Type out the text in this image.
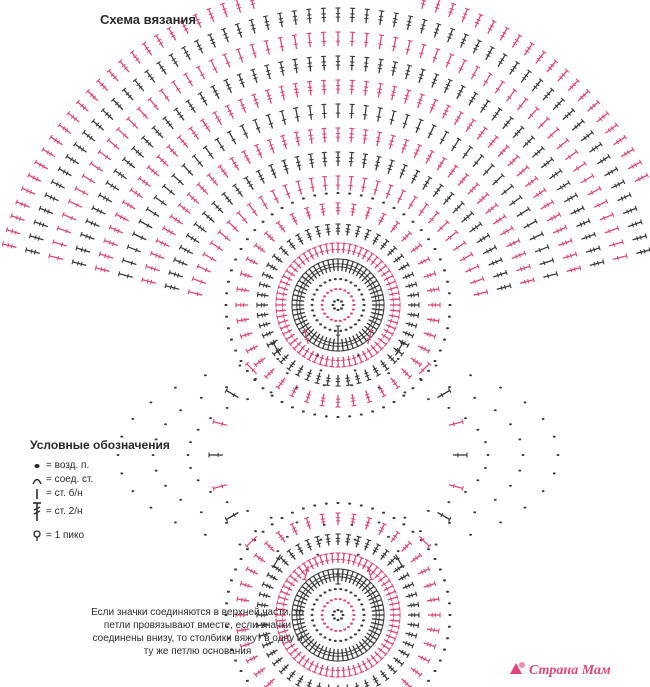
Схема вязания
Условные обозначения
= возд. п.
= соед. ст.
= ст. б/н
= ст. 2/н
= 1 пико
Если значки соединяются в верхней части, то петли провязывают вместе, если значки соединены внизу, то столбики вяжут в одну и ту же петлю основания
Страна Мам
